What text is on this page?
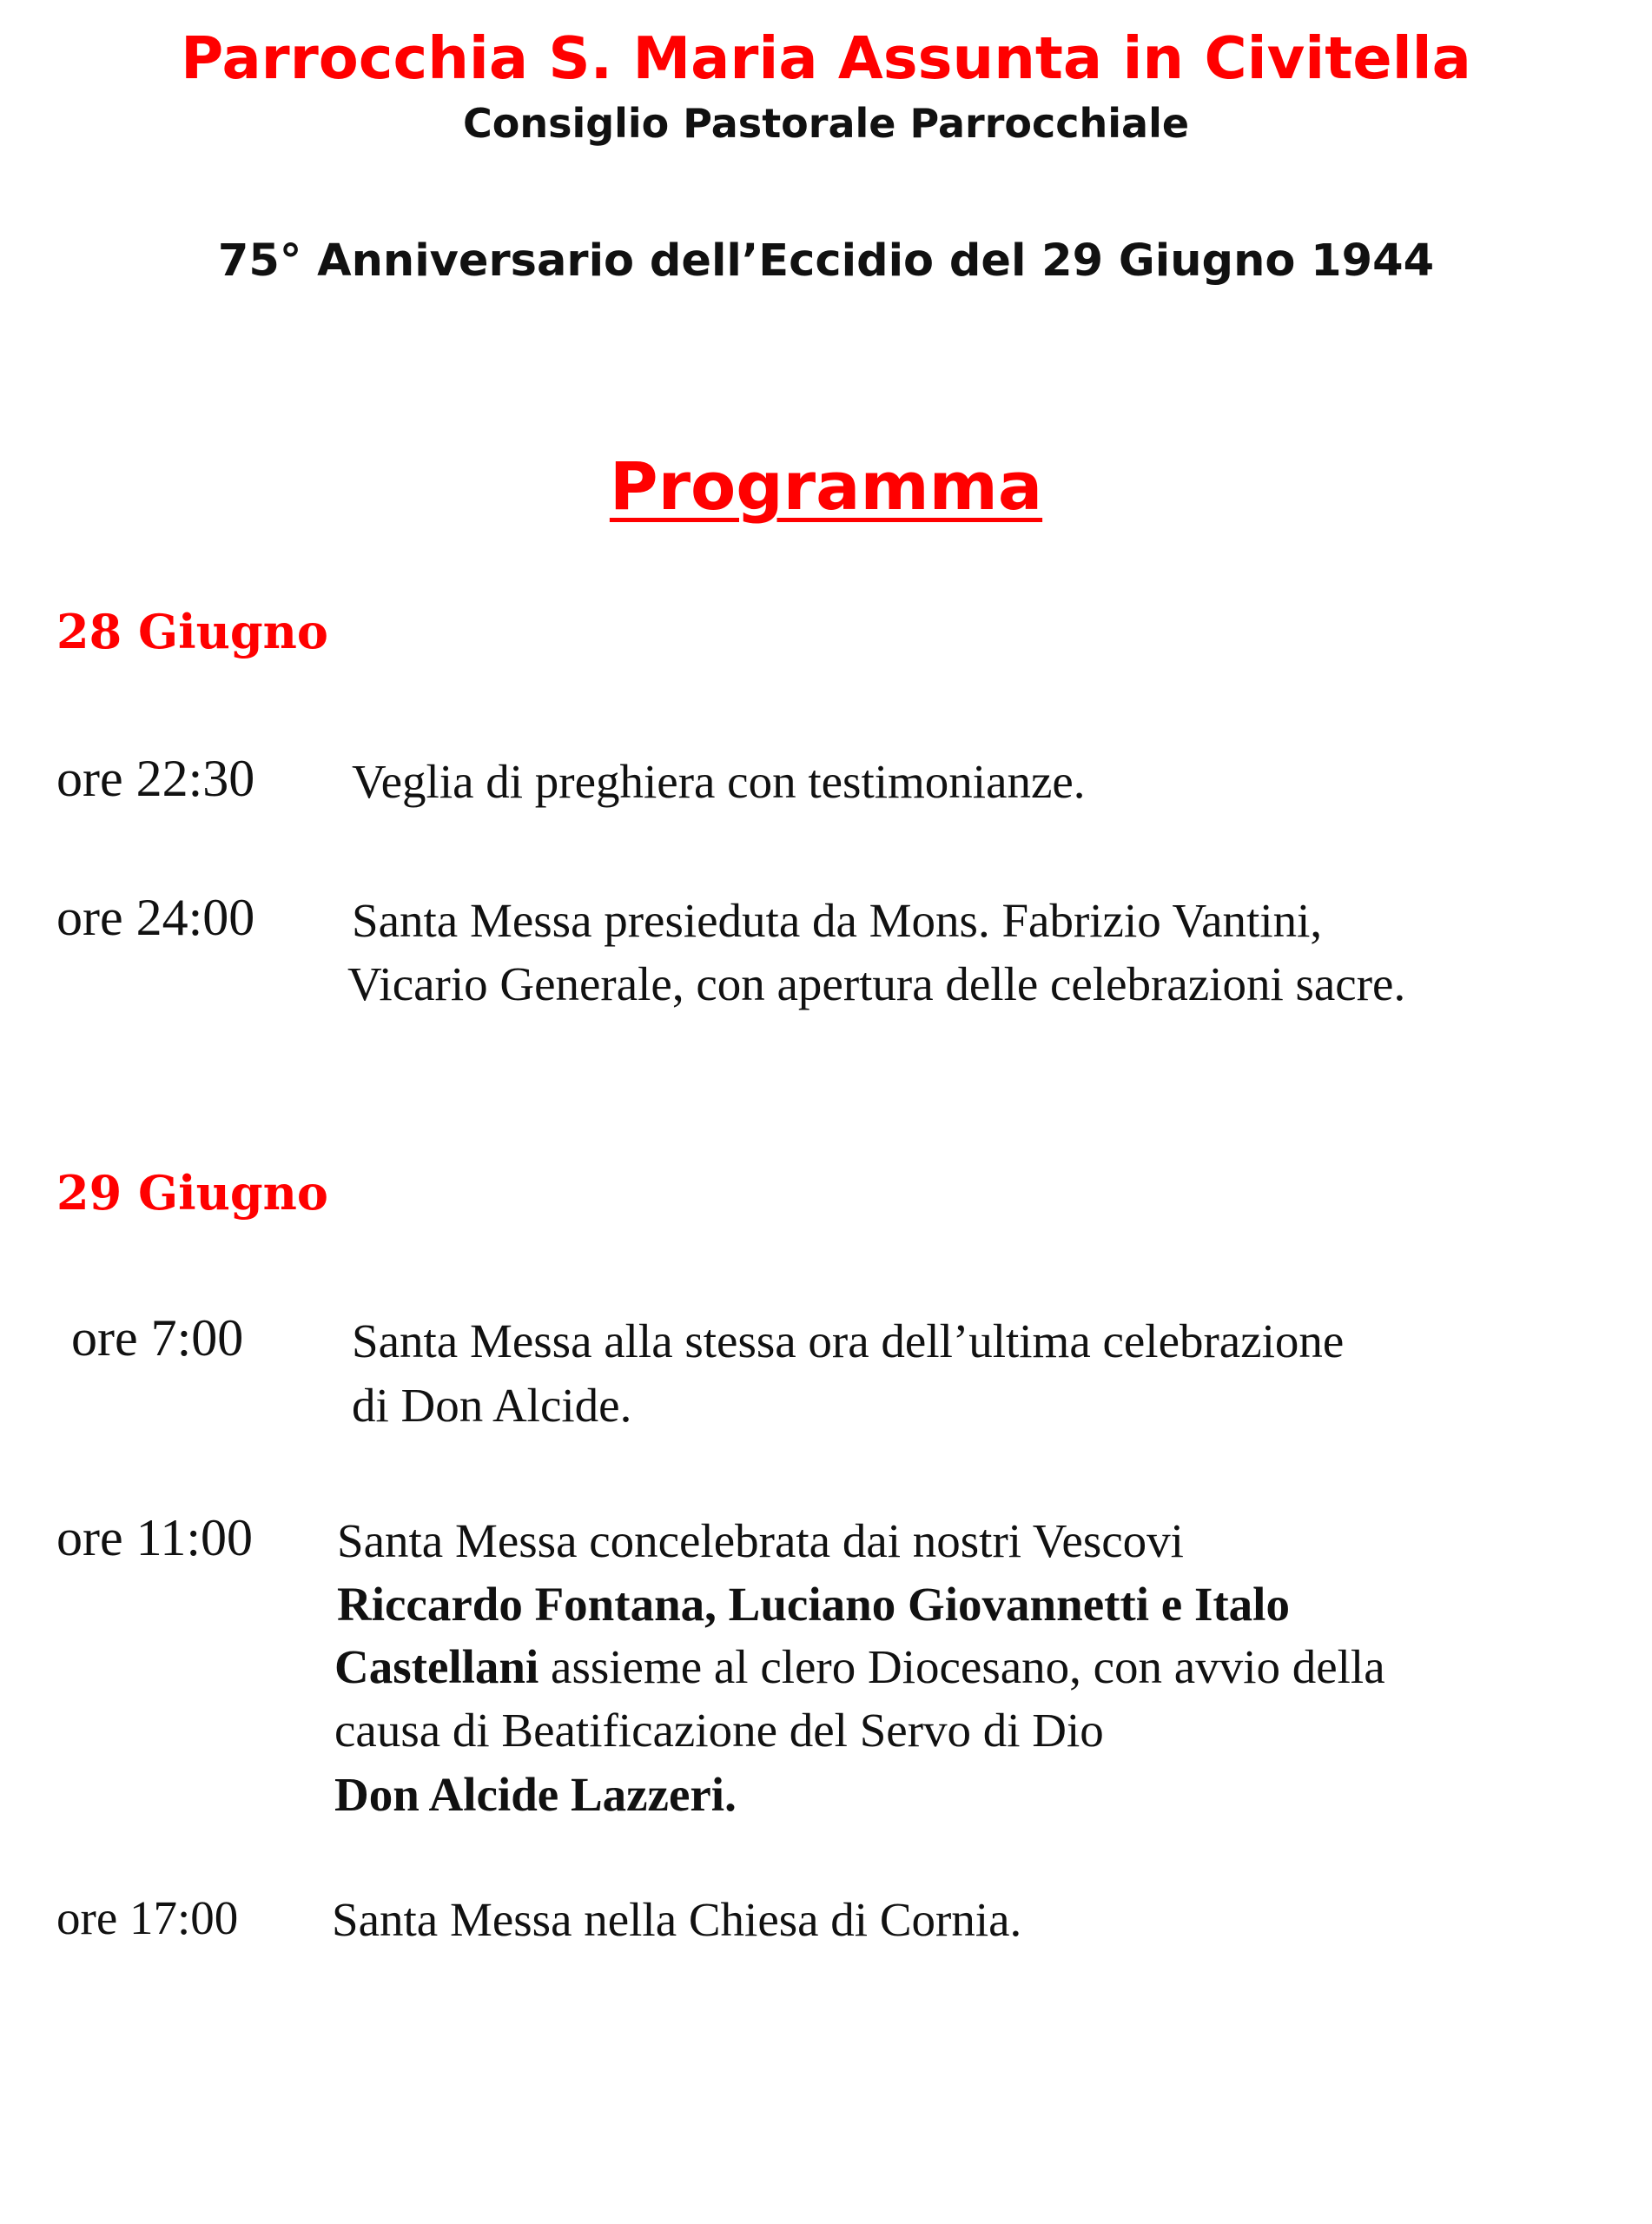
Parrocchia S. Maria Assunta in Civitella
Consiglio Pastorale Parrocchiale
75° Anniversario dell’Eccidio del 29 Giugno 1944
Programma
28 Giugno
ore 22:30 Veglia di preghiera con testimonianze.
ore 24:00 Santa Messa presieduta da Mons. Fabrizio Vantini,
Vicario Generale, con apertura delle celebrazioni sacre.
29 Giugno
ore 7:00 Santa Messa alla stessa ora dell’ultima celebrazione
di Don Alcide.
ore 11:00 Santa Messa concelebrata dai nostri Vescovi
Riccardo Fontana, Luciano Giovannetti e Italo
Castellani assieme al clero Diocesano, con avvio della
causa di Beatificazione del Servo di Dio
Don Alcide Lazzeri.
ore 17:00 Santa Messa nella Chiesa di Cornia.
